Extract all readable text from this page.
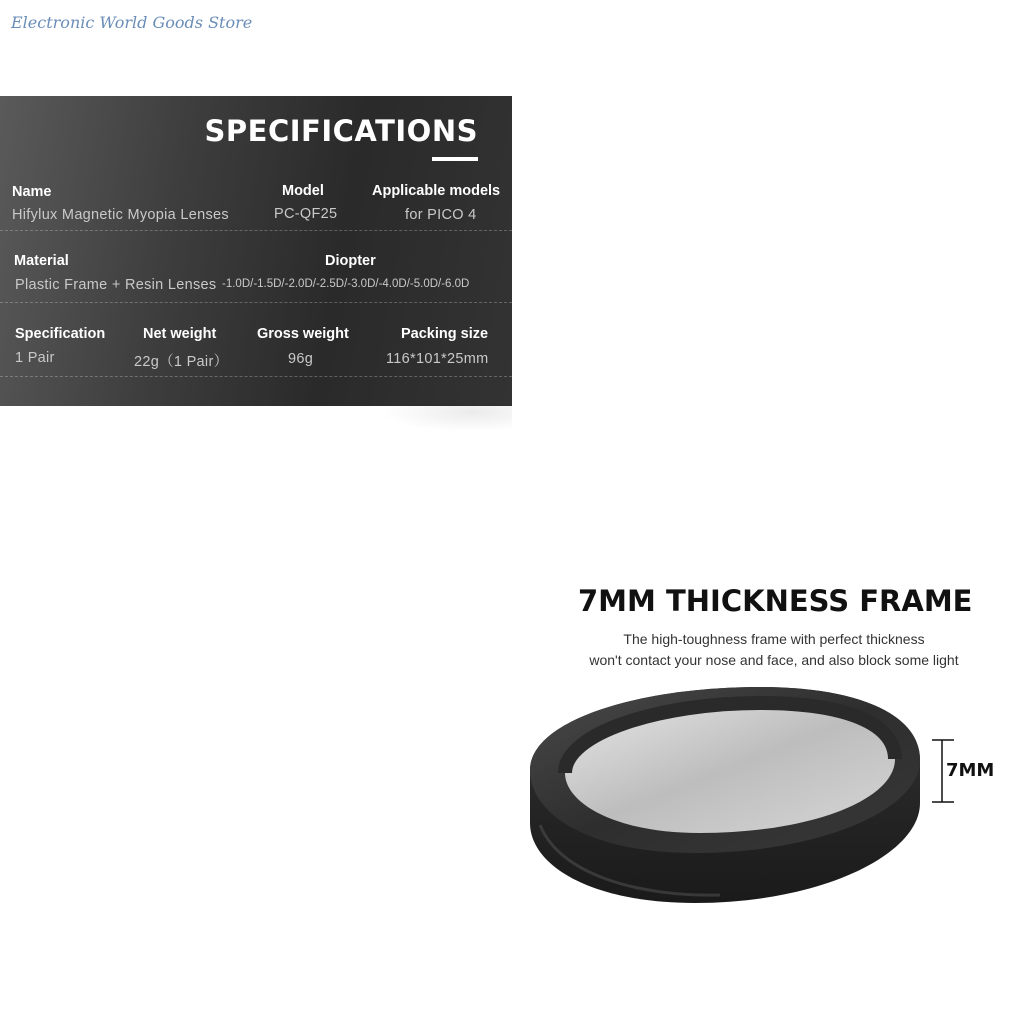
Electronic World Goods Store
SPECIFICATIONS
Name
Hifylux Magnetic Myopia Lenses
Model
PC-QF25
Applicable models
for PICO 4
Material
Plastic Frame + Resin Lenses
Diopter
-1.0D/-1.5D/-2.0D/-2.5D/-3.0D/-4.0D/-5.0D/-6.0D
Specification
1 Pair
Net weight
22g（1 Pair）
Gross weight
96g
Packing size
116*101*25mm
7MM THICKNESS FRAME
The high-toughness frame with perfect thickness
won't contact your nose and face, and also block some light
7MM
